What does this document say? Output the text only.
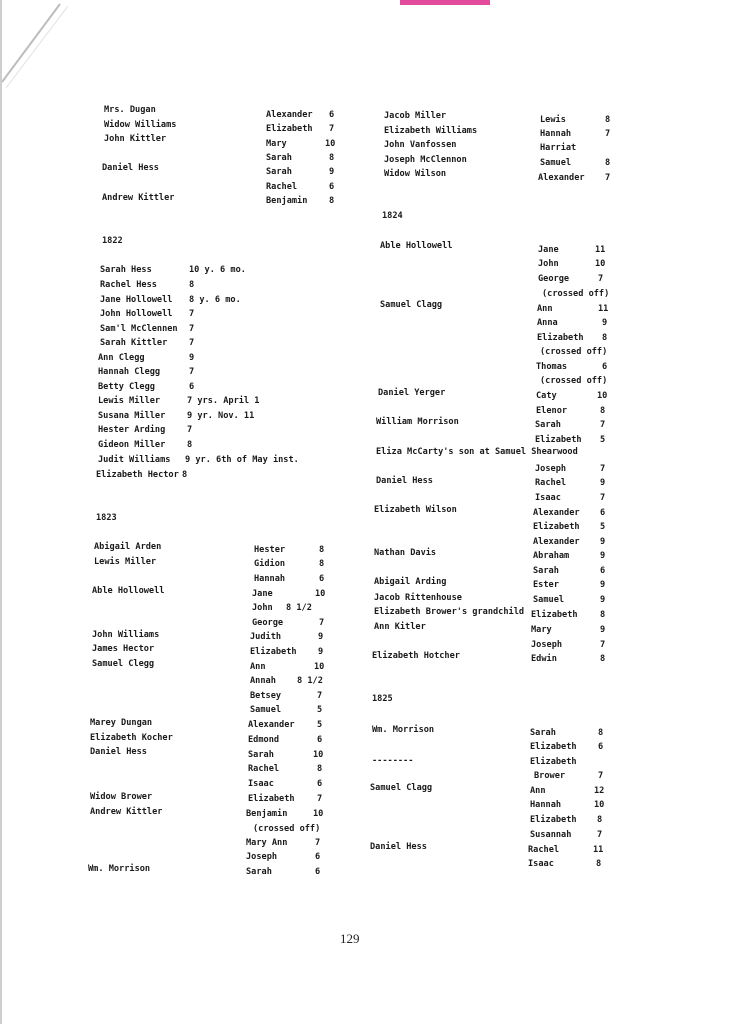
Mrs. Dugan	Alexander 6
Widow Williams	Elizabeth 7
John Kittler	Mary	10
Sarah	8
Daniel Hess	Sarah	9
Rachel	6
Andrew Kittler	Benjamin	8
1822
Sarah Hess	10 y. 6 mo.
Rachel Hess	8
Jane Hollowell 8 y. 6 mo.
John Hollowell 7
Sam'l McClennen 7
Sarah Kittler	7
Ann Clegg	9
Hannah Clegg	7
Betty Clegg	6
Lewis Miller	7 yrs. April 1
Susana Miller	9 yr. Nov. 11
Hester Arding	7
Gideon Miller	8
Judit Williams 9 yr. 6th of May inst.
Elizabeth Hector 8
1823
Abigail Arden	Hester	8
Lewis Miller	Gidion	8
Hannah	6
Able Hollowell	Jane	10
John 8 1/2
George	7
John Williams	Judith	9
James Hector	Elizabeth 9
Samuel Clegg	Ann	10
Annah 8 1/2
Betsey	7
Samuel	5
Marey Dungan	Alexander	5
Elizabeth Kocher	Edmond	6
Daniel Hess	Sarah	10
Rachel	8
Isaac	6
Widow Brower	Elizabeth	7
Andrew Kittler	Benjamin	10
(crossed off)
Mary Ann	7
Joseph	6
Wm. Morrison	Sarah	6
Jacob Miller	Lewis	8
Elizabeth Williams	Hannah	7
John Vanfossen	Harriat
Joseph McClennon	Samuel	8
Widow Wilson	Alexander 7
1824
Able Hollowell	Jane	11
John	10
George	7
(crossed off)
Samuel Clagg	Ann	11
Anna	9
Elizabeth 8
(crossed off)
Thomas	6
(crossed off)
Daniel Yerger	Caty	10
Elenor	8
William Morrison	Sarah	7
Elizabeth 5
Eliza McCarty's son at Samuel Shearwood
Joseph	7
Daniel Hess	Rachel	9
Isaac	7
Elizabeth Wilson	Alexander 6
Elizabeth 5
Alexander 9
Nathan Davis	Abraham	9
Sarah	6
Abigail Arding	Ester	9
Jacob Rittenhouse	Samuel	9
Elizabeth Brower's grandchild Elizabeth	8
Ann Kitler	Mary	9
Joseph	7
Elizabeth Hotcher	Edwin	8
1825
Wm. Morrison	Sarah	8
Elizabeth 6
--------	Elizabeth
Brower	7
Samuel Clagg	Ann	12
Hannah	10
Elizabeth 8
Susannah	7
Daniel Hess	Rachel	11
Isaac	8
129
